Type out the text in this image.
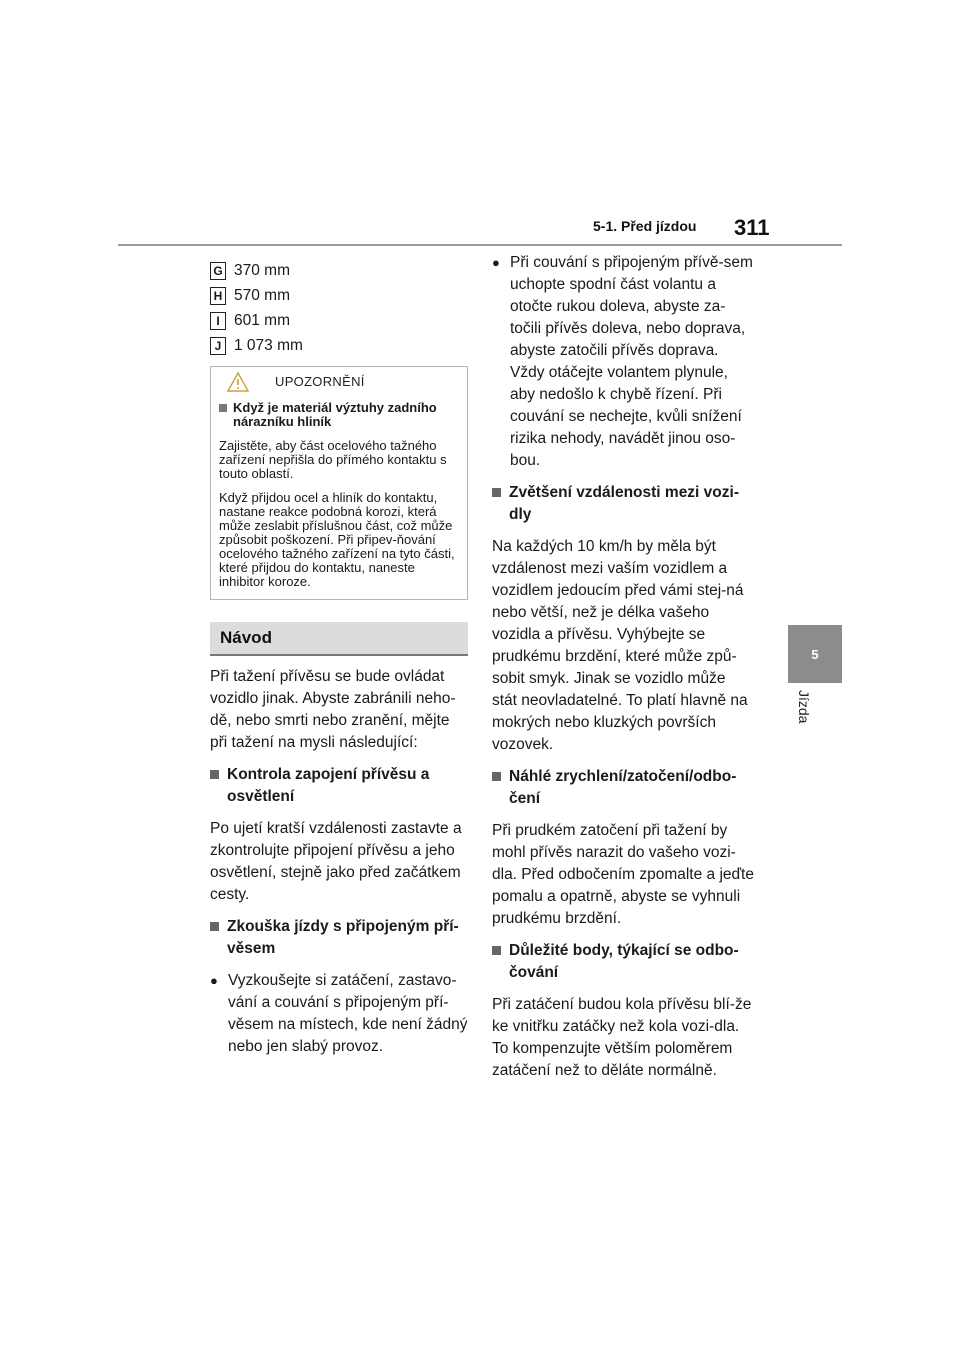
5-1. Před jízdou 311
5
Jízda
G 370 mm
H 570 mm
I 601 mm
J 1 073 mm
UPOZORNĚNÍ
Když je materiál výztuhy zadního nárazníku hliník

Zajistěte, aby část ocelového tažného zařízení nepřišla do přímého kontaktu s touto oblastí.

Když přijdou ocel a hliník do kontaktu, nastane reakce podobná korozi, která může zeslabit příslušnou část, což může způsobit poškození. Při připev-ňování ocelového tažného zařízení na tyto části, které přijdou do kontaktu, naneste inhibitor koroze.

Návod

Při tažení přívěsu se bude ovládat vozidlo jinak. Abyste zabránili neho-dě, nebo smrti nebo zranění, mějte při tažení na mysli následující:

Kontrola zapojení přívěsu a osvětlení

Po ujetí kratší vzdálenosti zastavte a zkontrolujte připojení přívěsu a jeho osvětlení, stejně jako před začátkem cesty.

Zkouška jízdy s připojeným pří-věsem
● Vyzkoušejte si zatáčení, zastavo-vání a couvání s připojeným pří-věsem na místech, kde není žádný nebo jen slabý provoz.
● Při couvání s připojeným přívě-sem uchopte spodní část volantu a otočte rukou doleva, abyste za-točili přívěs doleva, nebo doprava, abyste zatočili přívěs doprava. Vždy otáčejte volantem plynule, aby nedošlo k chybě řízení. Při couvání se nechejte, kvůli snížení rizika nehody, navádět jinou oso-bou.
Zvětšení vzdálenosti mezi vozi-dly

Na každých 10 km/h by měla být vzdálenost mezi vaším vozidlem a vozidlem jedoucím před vámi stej-ná nebo větší, než je délka vašeho vozidla a přívěsu. Vyhýbejte se prudkému brzdění, které může způ-sobit smyk. Jinak se vozidlo může stát neovladatelné. To platí hlavně na mokrých nebo kluzkých površích vozovek.

Náhlé zrychlení/zatočení/odbo-čení

Při prudkém zatočení při tažení by mohl přívěs narazit do vašeho vozi-dla. Před odbočením zpomalte a jeďte pomalu a opatrně, abyste se vyhnuli prudkému brzdění.

Důležité body, týkající se odbo-čování

Při zatáčení budou kola přívěsu blí-že ke vnitřku zatáčky než kola vozi-dla. To kompenzujte větším poloměrem zatáčení než to děláte normálně.
